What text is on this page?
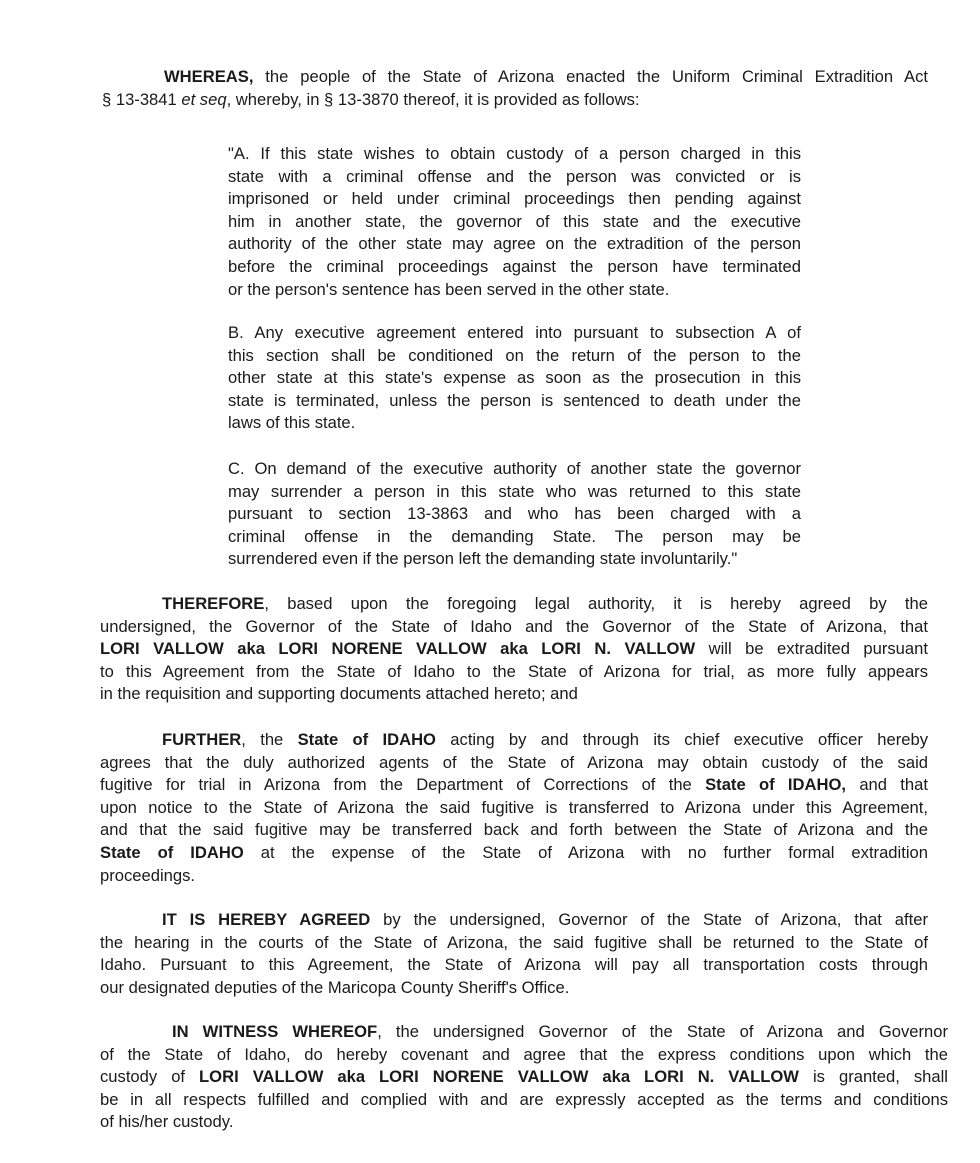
WHEREAS, the people of the State of Arizona enacted the Uniform Criminal Extradition Act
§ 13-3841 et seq, whereby, in § 13-3870 thereof, it is provided as follows:
"A. If this state wishes to obtain custody of a person charged in this
state with a criminal offense and the person was convicted or is
imprisoned or held under criminal proceedings then pending against
him in another state, the governor of this state and the executive
authority of the other state may agree on the extradition of the person
before the criminal proceedings against the person have terminated
or the person's sentence has been served in the other state.
B. Any executive agreement entered into pursuant to subsection A of
this section shall be conditioned on the return of the person to the
other state at this state's expense as soon as the prosecution in this
state is terminated, unless the person is sentenced to death under the
laws of this state.
C. On demand of the executive authority of another state the governor
may surrender a person in this state who was returned to this state
pursuant to section 13-3863 and who has been charged with a
criminal offense in the demanding State. The person may be
surrendered even if the person left the demanding state involuntarily."
THEREFORE, based upon the foregoing legal authority, it is hereby agreed by the
undersigned, the Governor of the State of Idaho and the Governor of the State of Arizona, that
LORI VALLOW aka LORI NORENE VALLOW aka LORI N. VALLOW will be extradited pursuant
to this Agreement from the State of Idaho to the State of Arizona for trial, as more fully appears
in the requisition and supporting documents attached hereto; and
FURTHER, the State of IDAHO acting by and through its chief executive officer hereby
agrees that the duly authorized agents of the State of Arizona may obtain custody of the said
fugitive for trial in Arizona from the Department of Corrections of the State of IDAHO, and that
upon notice to the State of Arizona the said fugitive is transferred to Arizona under this Agreement,
and that the said fugitive may be transferred back and forth between the State of Arizona and the
State of IDAHO at the expense of the State of Arizona with no further formal extradition
proceedings.
IT IS HEREBY AGREED by the undersigned, Governor of the State of Arizona, that after
the hearing in the courts of the State of Arizona, the said fugitive shall be returned to the State of
Idaho. Pursuant to this Agreement, the State of Arizona will pay all transportation costs through
our designated deputies of the Maricopa County Sheriff's Office.
IN WITNESS WHEREOF, the undersigned Governor of the State of Arizona and Governor
of the State of Idaho, do hereby covenant and agree that the express conditions upon which the
custody of LORI VALLOW aka LORI NORENE VALLOW aka LORI N. VALLOW is granted, shall
be in all respects fulfilled and complied with and are expressly accepted as the terms and conditions
of his/her custody.
